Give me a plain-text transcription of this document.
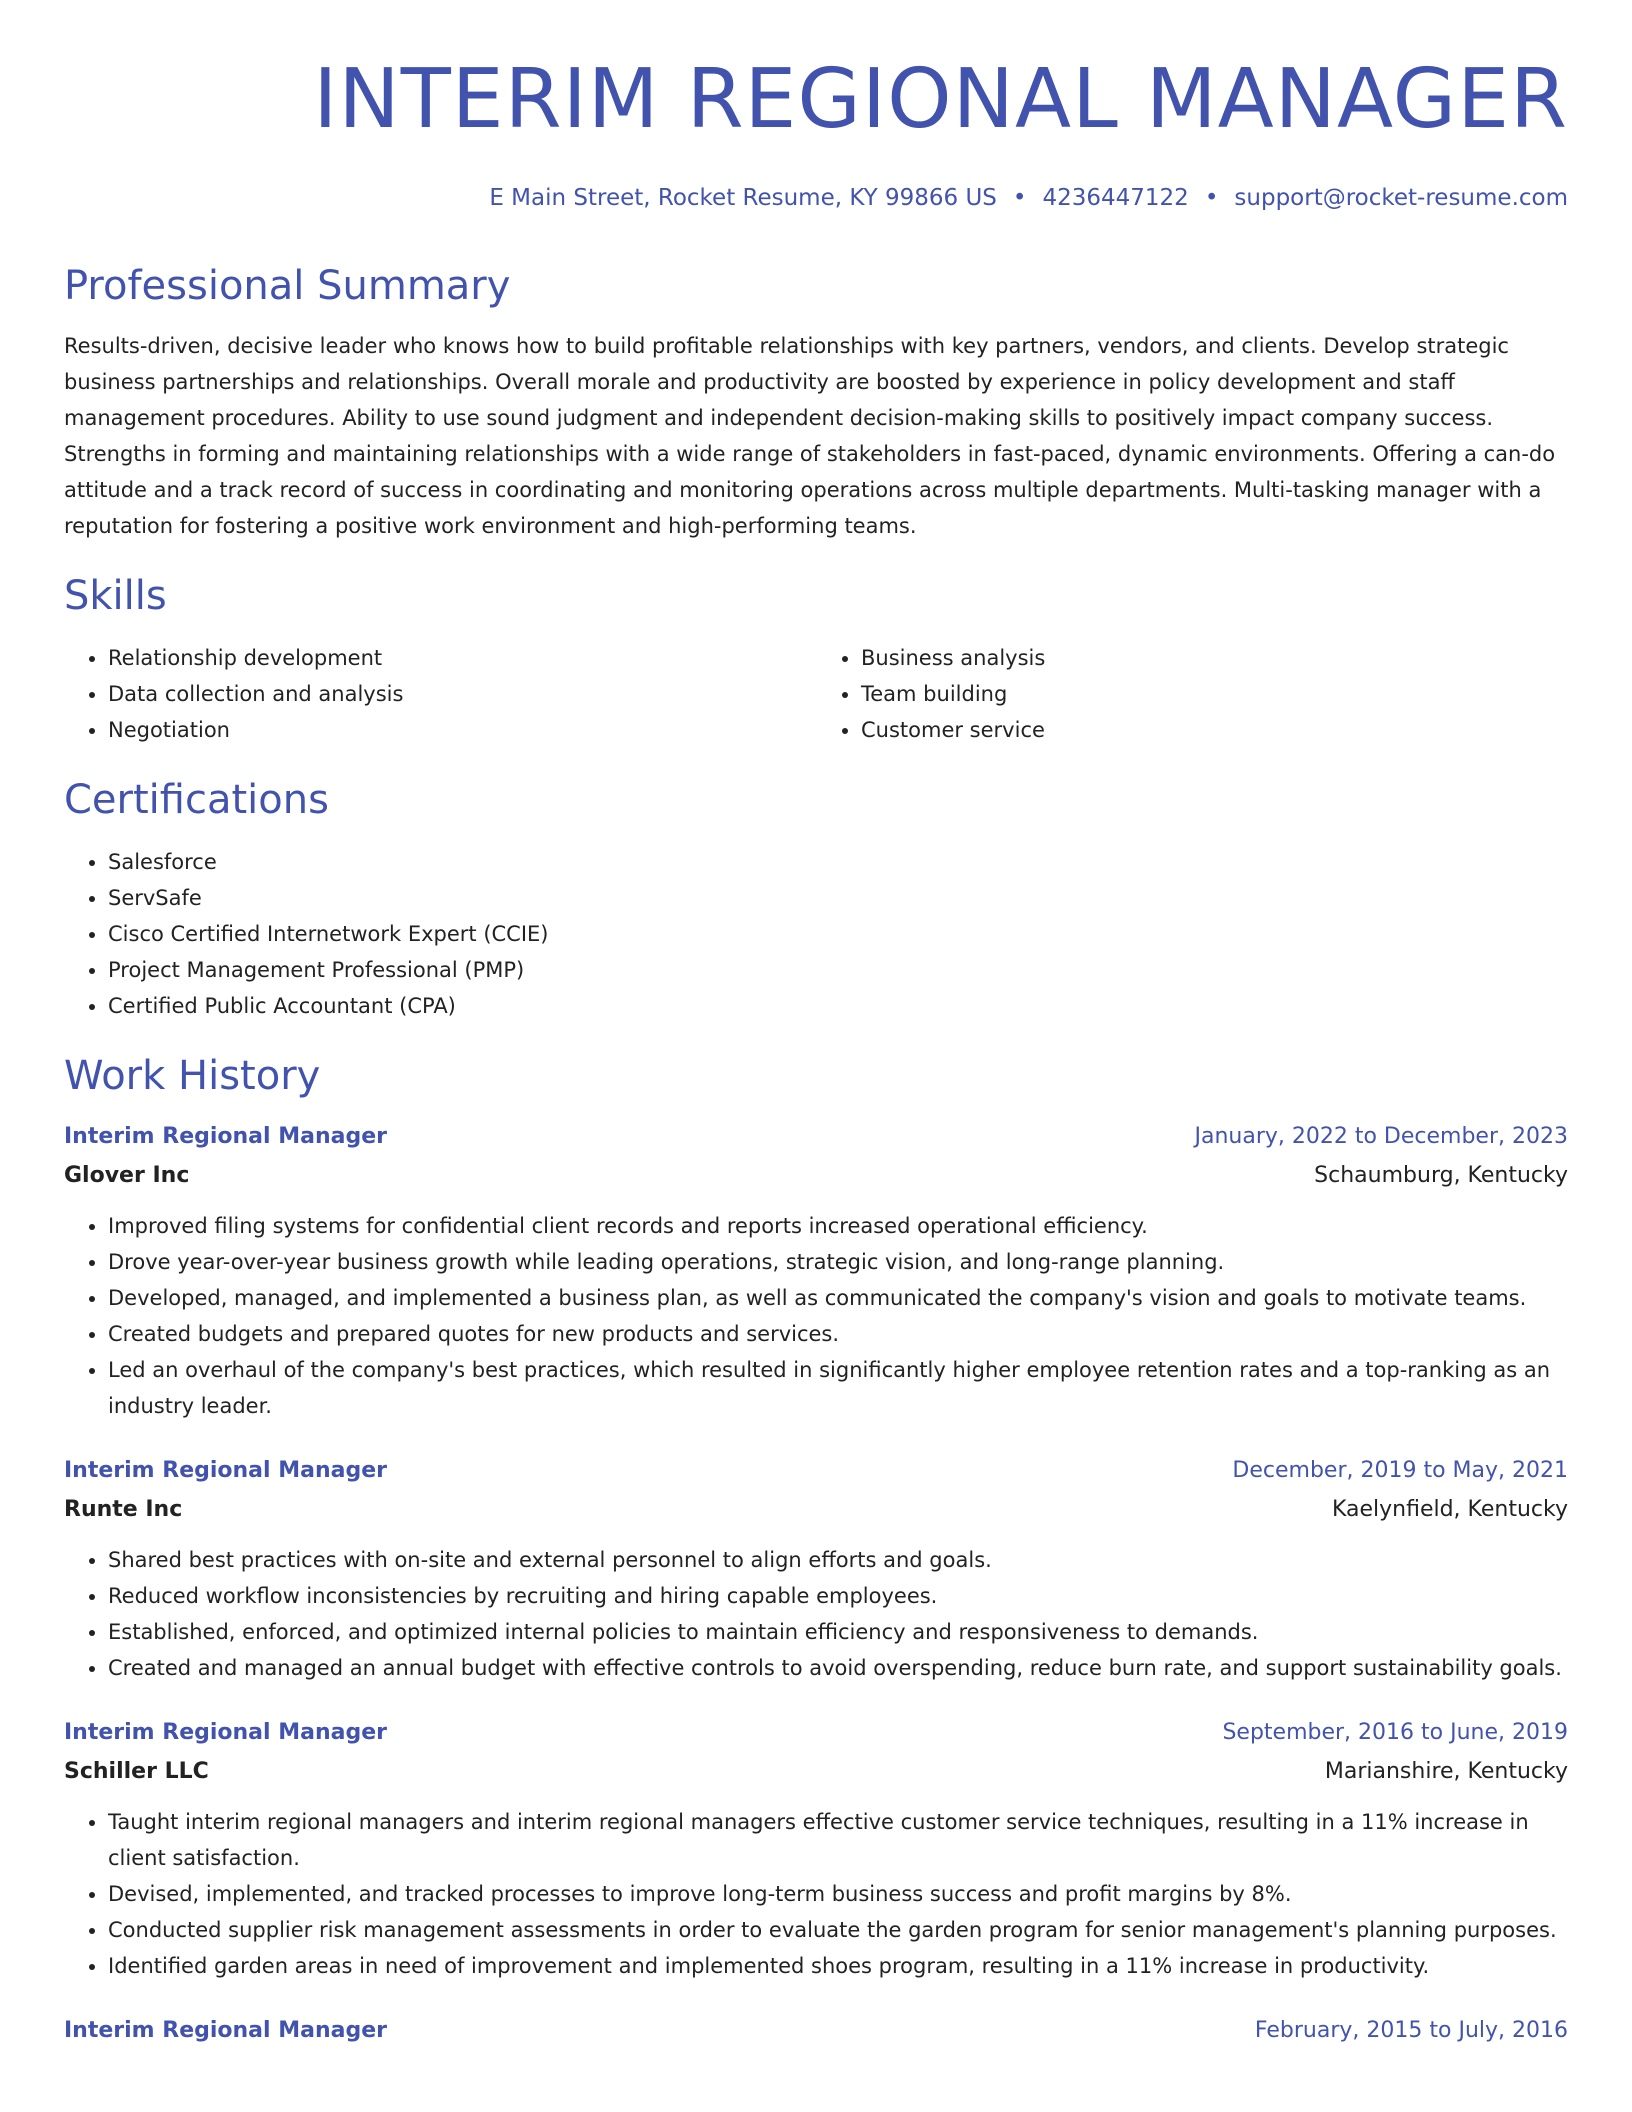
INTERIM REGIONAL MANAGER
E Main Street, Rocket Resume, KY 99866 US • 4236447122 • support@rocket-resume.com
Professional Summary
Results-driven, decisive leader who knows how to build profitable relationships with key partners, vendors, and clients. Develop strategic business partnerships and relationships. Overall morale and productivity are boosted by experience in policy development and staff management procedures. Ability to use sound judgment and independent decision-making skills to positively impact company success. Strengths in forming and maintaining relationships with a wide range of stakeholders in fast-paced, dynamic environments. Offering a can-do attitude and a track record of success in coordinating and monitoring operations across multiple departments. Multi-tasking manager with a reputation for fostering a positive work environment and high-performing teams.
Skills
• Relationship development
• Data collection and analysis
• Negotiation
• Business analysis
• Team building
• Customer service
Certifications
• Salesforce
• ServSafe
• Cisco Certified Internetwork Expert (CCIE)
• Project Management Professional (PMP)
• Certified Public Accountant (CPA)
Work History
Interim Regional Manager	January, 2022 to December, 2023
Glover Inc	Schaumburg, Kentucky
• Improved filing systems for confidential client records and reports increased operational efficiency.
• Drove year-over-year business growth while leading operations, strategic vision, and long-range planning.
• Developed, managed, and implemented a business plan, as well as communicated the company's vision and goals to motivate teams.
• Created budgets and prepared quotes for new products and services.
• Led an overhaul of the company's best practices, which resulted in significantly higher employee retention rates and a top-ranking as an industry leader.
Interim Regional Manager	December, 2019 to May, 2021
Runte Inc	Kaelynfield, Kentucky
• Shared best practices with on-site and external personnel to align efforts and goals.
• Reduced workflow inconsistencies by recruiting and hiring capable employees.
• Established, enforced, and optimized internal policies to maintain efficiency and responsiveness to demands.
• Created and managed an annual budget with effective controls to avoid overspending, reduce burn rate, and support sustainability goals.
Interim Regional Manager	September, 2016 to June, 2019
Schiller LLC	Marianshire, Kentucky
• Taught interim regional managers and interim regional managers effective customer service techniques, resulting in a 11% increase in client satisfaction.
• Devised, implemented, and tracked processes to improve long-term business success and profit margins by 8%.
• Conducted supplier risk management assessments in order to evaluate the garden program for senior management's planning purposes.
• Identified garden areas in need of improvement and implemented shoes program, resulting in a 11% increase in productivity.
Interim Regional Manager	February, 2015 to July, 2016
